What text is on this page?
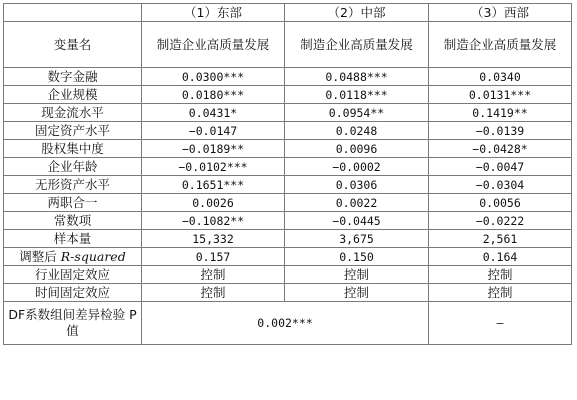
	（1）东部	（2）中部	（3）西部
变量名	制造企业高质量发展	制造企业高质量发展	制造企业高质量发展
数字金融	0.0300***	0.0488***	0.0340
企业规模	0.0180***	0.0118***	0.0131***
现金流水平	0.0431*	0.0954**	0.1419**
固定资产水平	−0.0147	0.0248	−0.0139
股权集中度	−0.0189**	0.0096	−0.0428*
企业年龄	−0.0102***	−0.0002	−0.0047
无形资产水平	0.1651***	0.0306	−0.0304
两职合一	0.0026	0.0022	0.0056
常数项	−0.1082**	−0.0445	−0.0222
样本量	15,332	3,675	2,561
调整后 R-squared	0.157	0.150	0.164
行业固定效应	控制	控制	控制
时间固定效应	控制	控制	控制
DF系数组间差异检验 P值	0.002***		–
